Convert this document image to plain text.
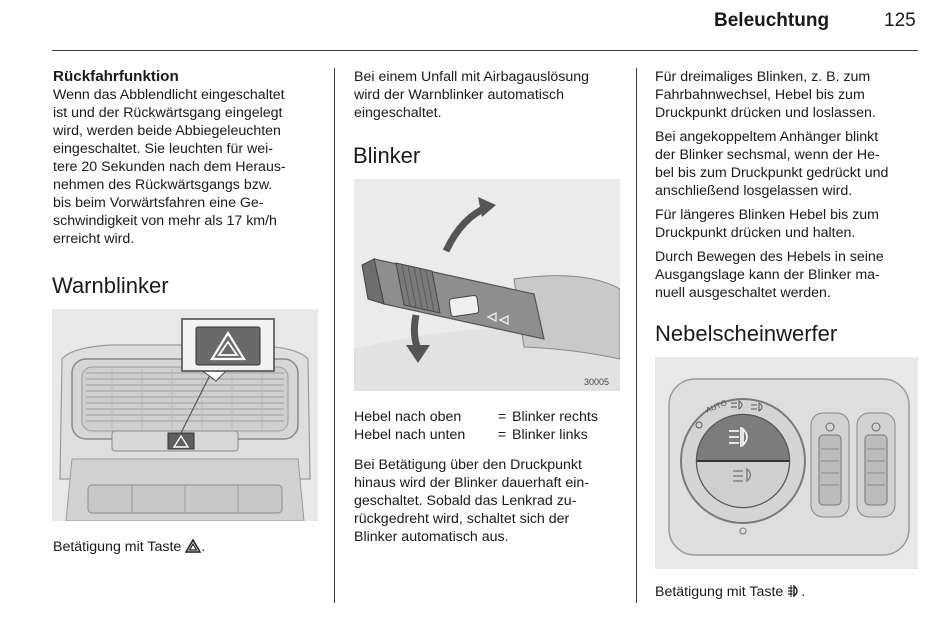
Beleuchtung	125
Rückfahrfunktion
Wenn das Abblendlicht eingeschaltet
ist und der Rückwärtsgang eingelegt
wird, werden beide Abbiegeleuchten
eingeschaltet. Sie leuchten für wei-
tere 20 Sekunden nach dem Heraus-
nehmen des Rückwärtsgangs bzw.
bis beim Vorwärtsfahren eine Ge-
schwindigkeit von mehr als 17 km/h
erreicht wird.
Warnblinker
Betätigung mit Taste .
Bei einem Unfall mit Airbagauslösung
wird der Warnblinker automatisch
eingeschaltet.
Blinker
30005
Hebel nach oben	= Blinker rechts
Hebel nach unten	= Blinker links
Bei Betätigung über den Druckpunkt
hinaus wird der Blinker dauerhaft ein-
geschaltet. Sobald das Lenkrad zu-
rückgedreht wird, schaltet sich der
Blinker automatisch aus.
Für dreimaliges Blinken, z. B. zum
Fahrbahnwechsel, Hebel bis zum
Druckpunkt drücken und loslassen.
Bei angekoppeltem Anhänger blinkt
der Blinker sechsmal, wenn der He-
bel bis zum Druckpunkt gedrückt und
anschließend losgelassen wird.
Für längeres Blinken Hebel bis zum
Druckpunkt drücken und halten.
Durch Bewegen des Hebels in seine
Ausgangslage kann der Blinker ma-
nuell ausgeschaltet werden.
Nebelscheinwerfer
AUTO
Betätigung mit Taste .
